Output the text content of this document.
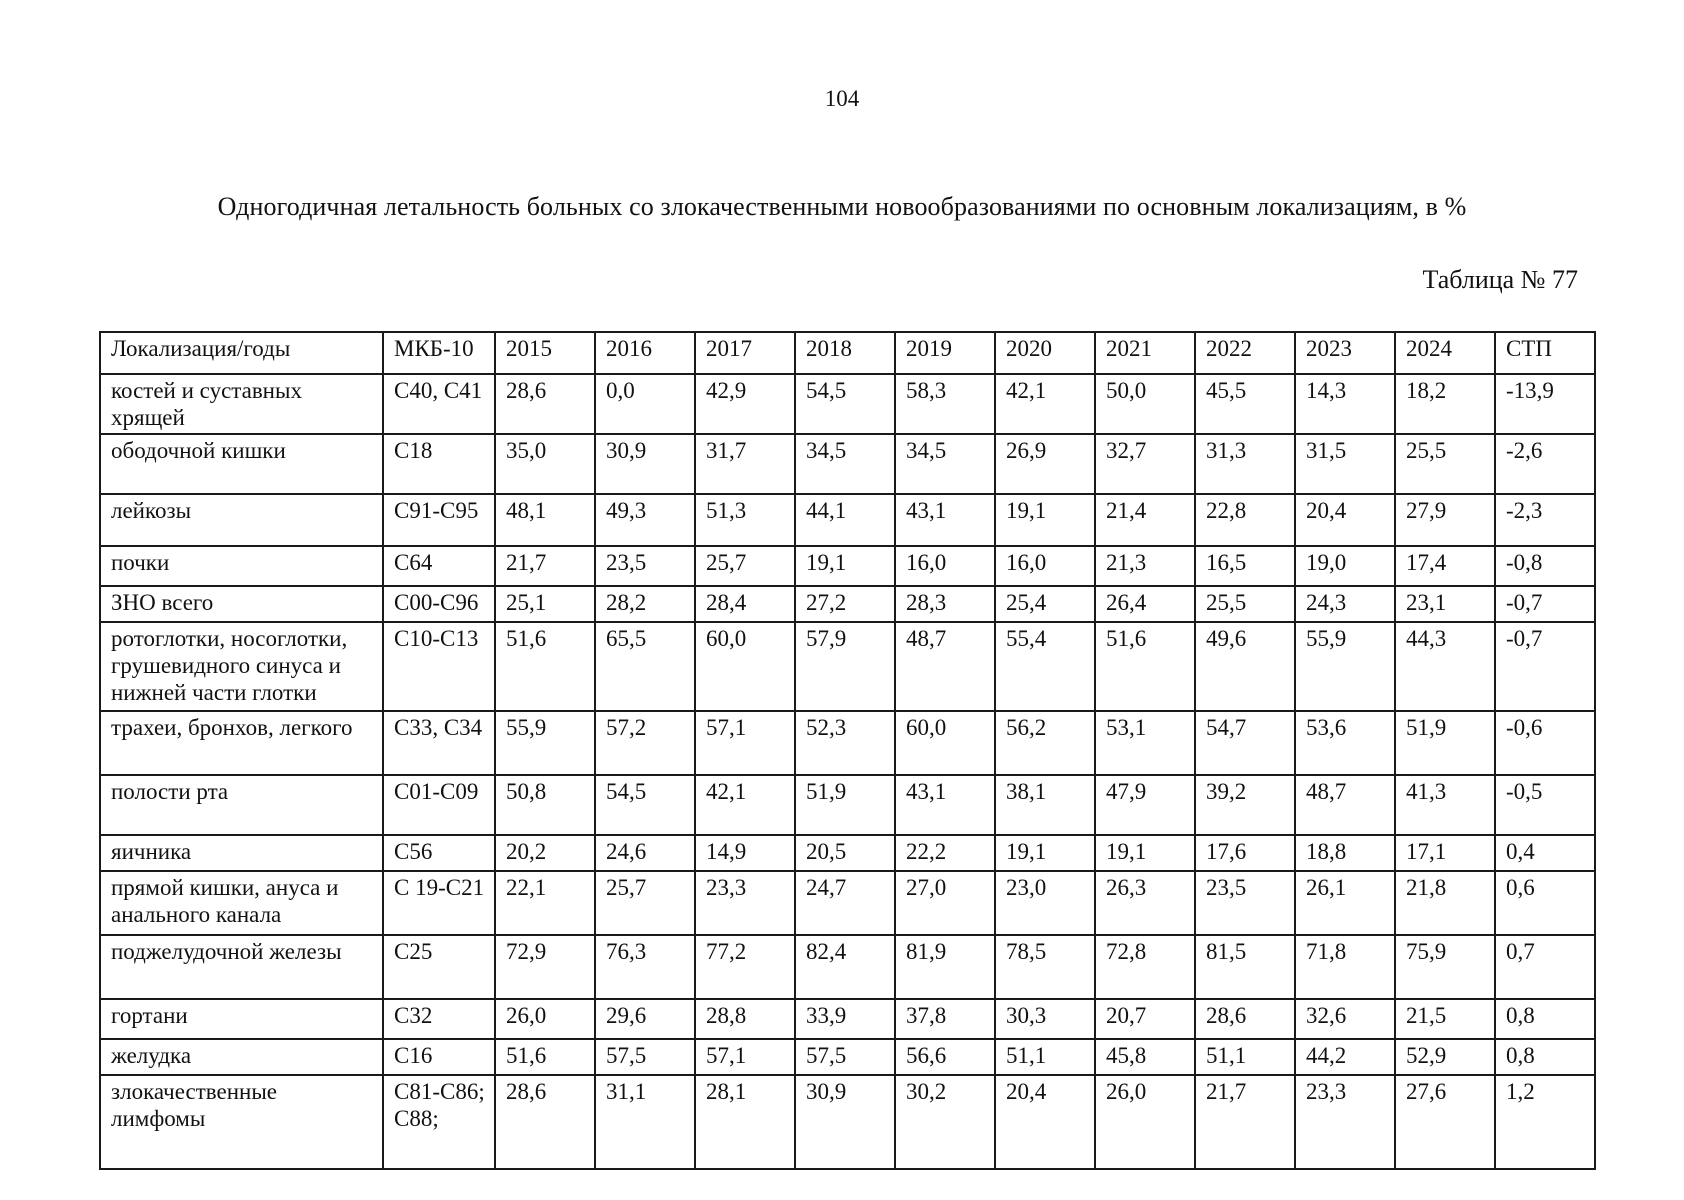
104
Одногодичная летальность больных со злокачественными новообразованиями по основным локализациям, в %
Таблица № 77
Локализация/годы	МКБ-10	2015	2016	2017	2018	2019	2020	2021	2022	2023	2024	СТП
костей и суставных хрящей	С40, С41	28,6	0,0	42,9	54,5	58,3	42,1	50,0	45,5	14,3	18,2	-13,9
ободочной кишки	С18	35,0	30,9	31,7	34,5	34,5	26,9	32,7	31,3	31,5	25,5	-2,6
лейкозы	С91-С95	48,1	49,3	51,3	44,1	43,1	19,1	21,4	22,8	20,4	27,9	-2,3
почки	С64	21,7	23,5	25,7	19,1	16,0	16,0	21,3	16,5	19,0	17,4	-0,8
ЗНО всего	С00-С96	25,1	28,2	28,4	27,2	28,3	25,4	26,4	25,5	24,3	23,1	-0,7
ротоглотки, носоглотки, грушевидного синуса и нижней части глотки	С10-С13	51,6	65,5	60,0	57,9	48,7	55,4	51,6	49,6	55,9	44,3	-0,7
трахеи, бронхов, легкого	С33, С34	55,9	57,2	57,1	52,3	60,0	56,2	53,1	54,7	53,6	51,9	-0,6
полости рта	С01-С09	50,8	54,5	42,1	51,9	43,1	38,1	47,9	39,2	48,7	41,3	-0,5
яичника	С56	20,2	24,6	14,9	20,5	22,2	19,1	19,1	17,6	18,8	17,1	0,4
прямой кишки, ануса и анального канала	С 19-С21	22,1	25,7	23,3	24,7	27,0	23,0	26,3	23,5	26,1	21,8	0,6
поджелудочной железы	С25	72,9	76,3	77,2	82,4	81,9	78,5	72,8	81,5	71,8	75,9	0,7
гортани	С32	26,0	29,6	28,8	33,9	37,8	30,3	20,7	28,6	32,6	21,5	0,8
желудка	С16	51,6	57,5	57,1	57,5	56,6	51,1	45,8	51,1	44,2	52,9	0,8
злокачественные лимфомы	С81-С86; С88;	28,6	31,1	28,1	30,9	30,2	20,4	26,0	21,7	23,3	27,6	1,2
